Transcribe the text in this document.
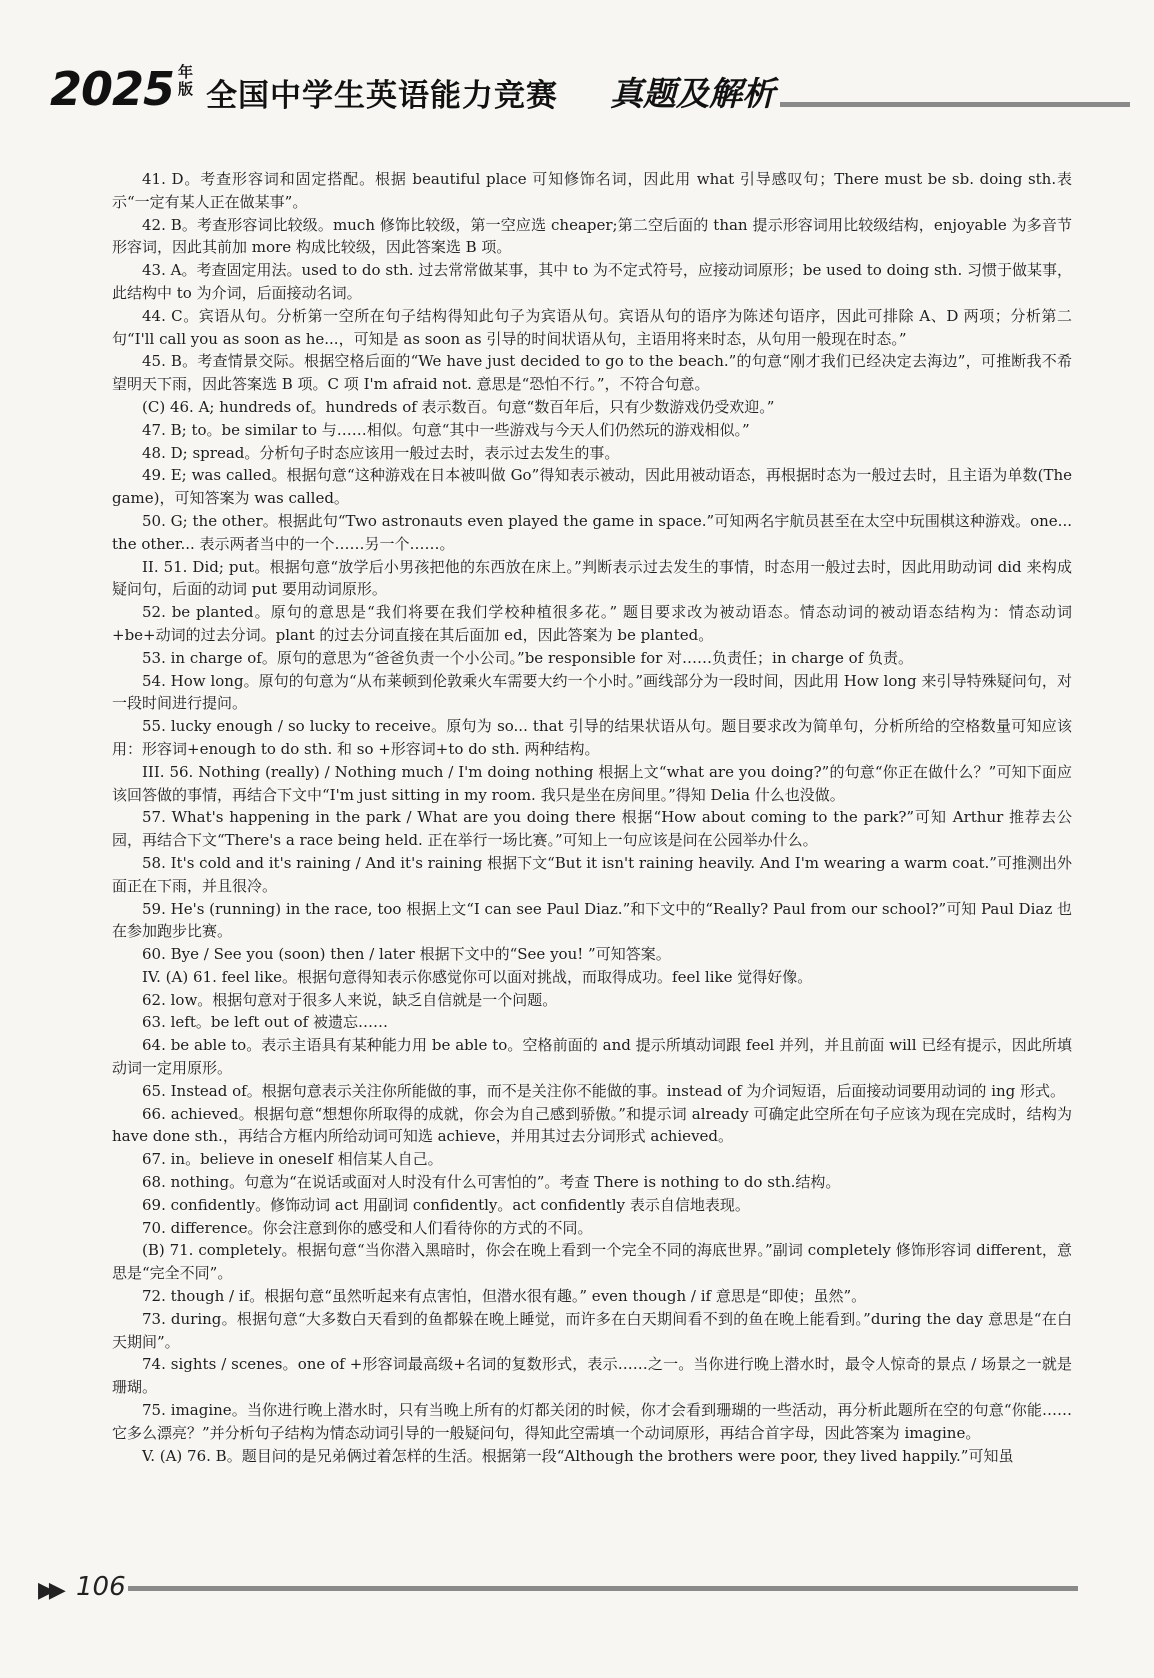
2025 年版 全国中学生英语能力竞赛 真题及解析

41. D。考查形容词和固定搭配。根据 beautiful place 可知修饰名词，因此用 what 引导感叹句；There must be sb. doing sth.表示“一定有某人正在做某事”。

42. B。考查形容词比较级。much 修饰比较级，第一空应选 cheaper;第二空后面的 than 提示形容词用比较级结构，enjoyable 为多音节形容词，因此其前加 more 构成比较级，因此答案选 B 项。

43. A。考查固定用法。used to do sth. 过去常常做某事，其中 to 为不定式符号，应接动词原形；be used to doing sth. 习惯于做某事，此结构中 to 为介词，后面接动名词。

44. C。宾语从句。分析第一空所在句子结构得知此句子为宾语从句。宾语从句的语序为陈述句语序，因此可排除 A、D 两项；分析第二句“I'll call you as soon as he...，可知是 as soon as 引导的时间状语从句，主语用将来时态，从句用一般现在时态。”

45. B。考查情景交际。根据空格后面的“We have just decided to go to the beach.”的句意“刚才我们已经决定去海边”，可推断我不希望明天下雨，因此答案选 B 项。C 项 I'm afraid not. 意思是“恐怕不行。”，不符合句意。

(C) 46. A; hundreds of。hundreds of 表示数百。句意“数百年后，只有少数游戏仍受欢迎。”

47. B; to。be similar to 与……相似。句意“其中一些游戏与今天人们仍然玩的游戏相似。”

48. D; spread。分析句子时态应该用一般过去时，表示过去发生的事。

49. E; was called。根据句意“这种游戏在日本被叫做 Go”得知表示被动，因此用被动语态，再根据时态为一般过去时，且主语为单数(The game)，可知答案为 was called。

50. G; the other。根据此句“Two astronauts even played the game in space.”可知两名宇航员甚至在太空中玩围棋这种游戏。one... the other... 表示两者当中的一个……另一个……。

II. 51. Did; put。根据句意“放学后小男孩把他的东西放在床上。”判断表示过去发生的事情，时态用一般过去时，因此用助动词 did 来构成疑问句，后面的动词 put 要用动词原形。

52. be planted。原句的意思是“我们将要在我们学校种植很多花。” 题目要求改为被动语态。情态动词的被动语态结构为：情态动词+be+动词的过去分词。plant 的过去分词直接在其后面加 ed，因此答案为 be planted。

53. in charge of。原句的意思为“爸爸负责一个小公司。”be responsible for 对……负责任；in charge of 负责。

54. How long。原句的句意为“从布莱顿到伦敦乘火车需要大约一个小时。”画线部分为一段时间，因此用 How long 来引导特殊疑问句，对一段时间进行提问。

55. lucky enough / so lucky to receive。原句为 so... that 引导的结果状语从句。题目要求改为简单句，分析所给的空格数量可知应该用：形容词+enough to do sth. 和 so +形容词+to do sth. 两种结构。

III. 56. Nothing (really) / Nothing much / I'm doing nothing 根据上文“what are you doing?”的句意“你正在做什么？”可知下面应该回答做的事情，再结合下文中“I'm just sitting in my room. 我只是坐在房间里。”得知 Delia 什么也没做。

57. What's happening in the park / What are you doing there 根据“How about coming to the park?”可知 Arthur 推荐去公园，再结合下文“There's a race being held. 正在举行一场比赛。”可知上一句应该是问在公园举办什么。

58. It's cold and it's raining / And it's raining 根据下文“But it isn't raining heavily. And I'm wearing a warm coat.”可推测出外面正在下雨，并且很冷。

59. He's (running) in the race, too 根据上文“I can see Paul Diaz.”和下文中的“Really? Paul from our school?”可知 Paul Diaz 也在参加跑步比赛。

60. Bye / See you (soon) then / later 根据下文中的“See you! ”可知答案。

IV. (A) 61. feel like。根据句意得知表示你感觉你可以面对挑战，而取得成功。feel like 觉得好像。

62. low。根据句意对于很多人来说，缺乏自信就是一个问题。

63. left。be left out of 被遗忘……

64. be able to。表示主语具有某种能力用 be able to。空格前面的 and 提示所填动词跟 feel 并列，并且前面 will 已经有提示，因此所填动词一定用原形。

65. Instead of。根据句意表示关注你所能做的事，而不是关注你不能做的事。instead of 为介词短语，后面接动词要用动词的 ing 形式。

66. achieved。根据句意“想想你所取得的成就，你会为自己感到骄傲。”和提示词 already 可确定此空所在句子应该为现在完成时，结构为 have done sth.，再结合方框内所给动词可知选 achieve，并用其过去分词形式 achieved。

67. in。believe in oneself 相信某人自己。

68. nothing。句意为“在说话或面对人时没有什么可害怕的”。考查 There is nothing to do sth.结构。

69. confidently。修饰动词 act 用副词 confidently。act confidently 表示自信地表现。

70. difference。你会注意到你的感受和人们看待你的方式的不同。

(B) 71. completely。根据句意“当你潜入黑暗时，你会在晚上看到一个完全不同的海底世界。”副词 completely 修饰形容词 different，意思是“完全不同”。

72. though / if。根据句意“虽然听起来有点害怕，但潜水很有趣。” even though / if 意思是“即使；虽然”。

73. during。根据句意“大多数白天看到的鱼都躲在晚上睡觉，而许多在白天期间看不到的鱼在晚上能看到。”during the day 意思是“在白天期间”。

74. sights / scenes。one of +形容词最高级+名词的复数形式，表示……之一。当你进行晚上潜水时，最令人惊奇的景点 / 场景之一就是珊瑚。

75. imagine。当你进行晚上潜水时，只有当晚上所有的灯都关闭的时候，你才会看到珊瑚的一些活动，再分析此题所在空的句意“你能……它多么漂亮？”并分析句子结构为情态动词引导的一般疑问句，得知此空需填一个动词原形，再结合首字母，因此答案为 imagine。

V. (A) 76. B。题目问的是兄弟俩过着怎样的生活。根据第一段“Although the brothers were poor, they lived happily.”可知虽

▶▶ 106
